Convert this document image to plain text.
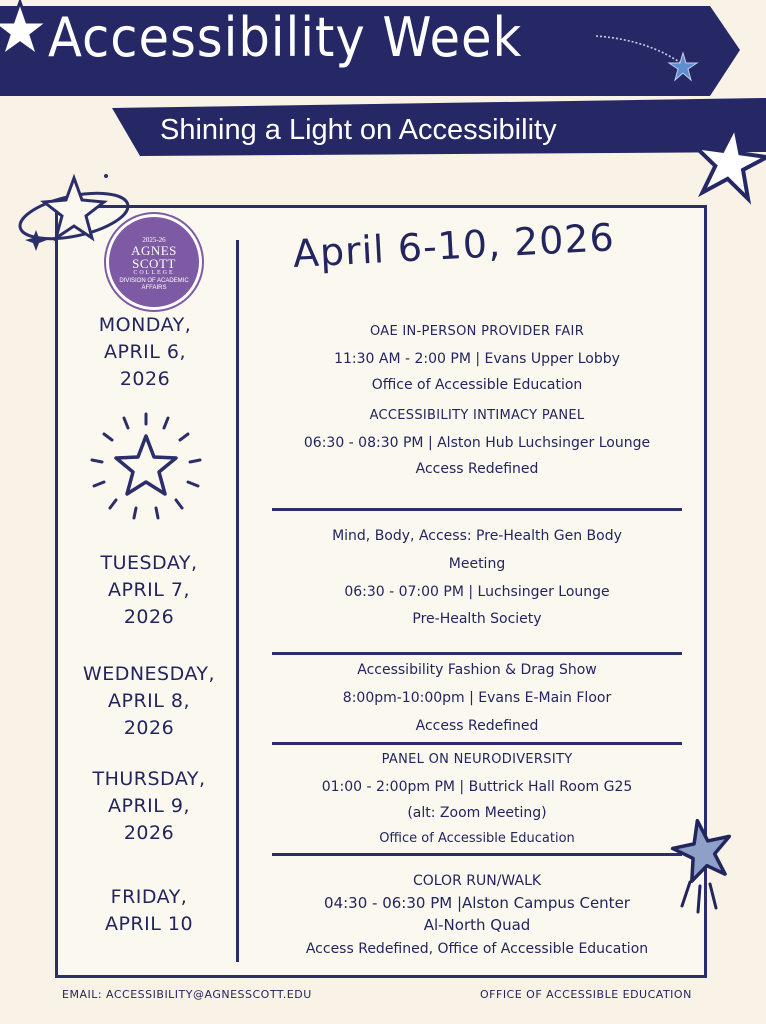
Accessibility Week
Shining a Light on Accessibility
2025-26
AGNES SCOTT
COLLEGE
DIVISION OF ACADEMIC AFFAIRS
April 6-10, 2026
MONDAY,
APRIL 6,
2026
TUESDAY,
APRIL 7,
2026
WEDNESDAY,
APRIL 8,
2026
THURSDAY,
APRIL 9,
2026
FRIDAY,
APRIL 10
OAE IN-PERSON PROVIDER FAIR
11:30 AM - 2:00 PM | Evans Upper Lobby
Office of Accessible Education
ACCESSIBILITY INTIMACY PANEL
06:30 - 08:30 PM | Alston Hub Luchsinger Lounge
Access Redefined
Mind, Body, Access: Pre-Health Gen Body
Meeting
06:30 - 07:00 PM | Luchsinger Lounge
Pre-Health Society
Accessibility Fashion & Drag Show
8:00pm-10:00pm | Evans E-Main Floor
Access Redefined
PANEL ON NEURODIVERSITY
01:00 - 2:00pm PM | Buttrick Hall Room G25
(alt: Zoom Meeting)
Office of Accessible Education
COLOR RUN/WALK
04:30 - 06:30 PM |Alston Campus Center
Al-North Quad
Access Redefined, Office of Accessible Education
EMAIL: ACCESSIBILITY@AGNESSCOTT.EDU	OFFICE OF ACCESSIBLE EDUCATION
